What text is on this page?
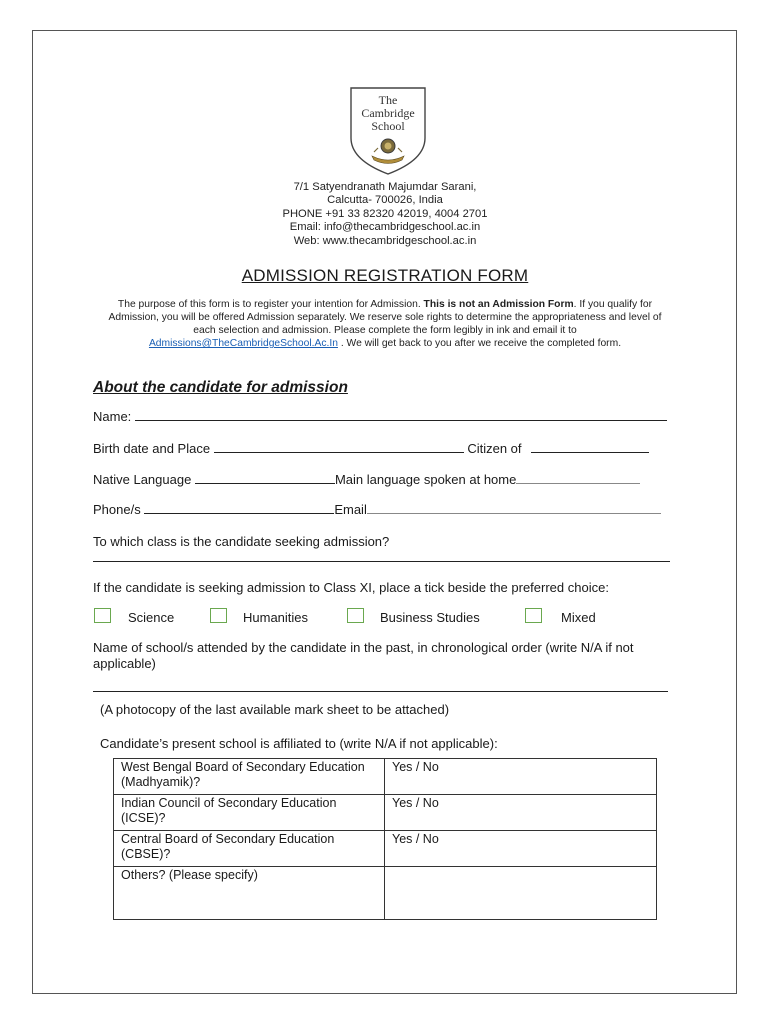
The
Cambridge
School
7/1 Satyendranath Majumdar Sarani,
Calcutta- 700026, India
PHONE +91 33 82320 42019, 4004 2701
Email: info@thecambridgeschool.ac.in
Web: www.thecambridgeschool.ac.in
ADMISSION REGISTRATION FORM
The purpose of this form is to register your intention for Admission. This is not an Admission Form. If you qualify for Admission, you will be offered Admission separately. We reserve sole rights to determine the appropriateness and level of each selection and admission. Please complete the form legibly in ink and email it to Admissions@TheCambridgeSchool.Ac.In . We will get back to you after we receive the completed form.
About the candidate for admission
Name:
Birth date and Place	Citizen of
Native Language	Main language spoken at home
Phone/s	Email
To which class is the candidate seeking admission?
If the candidate is seeking admission to Class XI, place a tick beside the preferred choice:
Science	Humanities	Business Studies	Mixed
Name of school/s attended by the candidate in the past, in chronological order (write N/A if not applicable)
(A photocopy of the last available mark sheet to be attached)
Candidate’s present school is affiliated to (write N/A if not applicable):
West Bengal Board of Secondary Education (Madhyamik)?	Yes / No
Indian Council of Secondary Education (ICSE)?	Yes / No
Central Board of Secondary Education (CBSE)?	Yes / No
Others? (Please specify)	
